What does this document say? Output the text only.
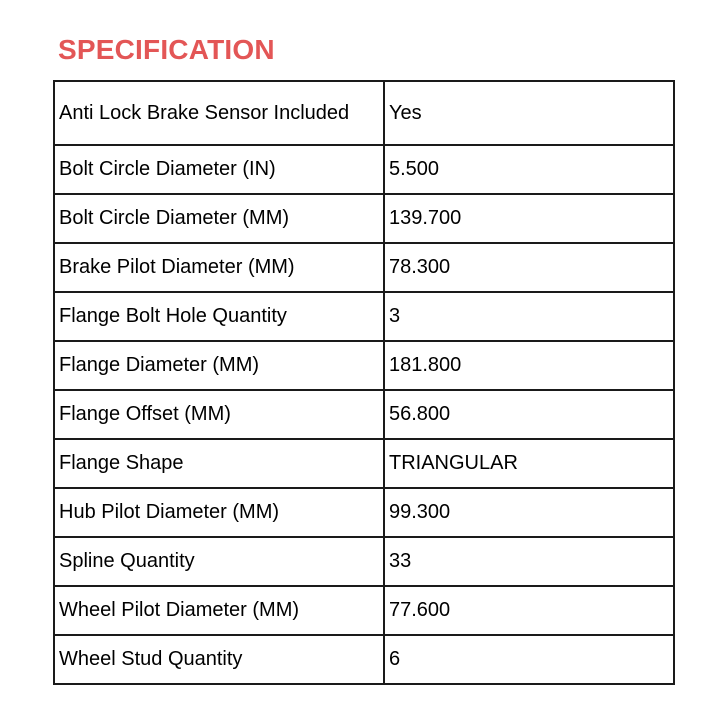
SPECIFICATION
Anti Lock Brake Sensor Included	Yes
Bolt Circle Diameter (IN)	5.500
Bolt Circle Diameter (MM)	139.700
Brake Pilot Diameter (MM)	78.300
Flange Bolt Hole Quantity	3
Flange Diameter (MM)	181.800
Flange Offset (MM)	56.800
Flange Shape	TRIANGULAR
Hub Pilot Diameter (MM)	99.300
Spline Quantity	33
Wheel Pilot Diameter (MM)	77.600
Wheel Stud Quantity	6
